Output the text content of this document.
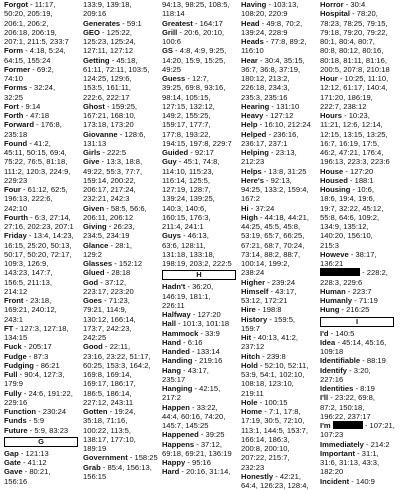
Forgot - 11:17,
50:20, 205:19,
206:1, 206:2,
206:18, 206:19,
207:1, 211:5, 233:7
Form - 4:18, 5:24,
64:15, 155:24
Former - 69:2,
74:10
Forms - 32:24,
32:25
Fort - 9:14
Forth - 47:18
Forward - 176:8,
235:18
Found - 41:2,
45:11, 50:15, 69:4,
75:22, 76:5, 81:18,
111:2, 120:3, 224:9,
229:23
Four - 61:12, 62:5,
196:13, 222:6,
242:10
Fourth - 6:3, 27:14,
27:16, 202:23, 207:1
Friday - 13:4, 14:23,
16:15, 25:20, 50:13,
50:17, 50:20, 72:17,
109:3, 126:9,
143:23, 147:7,
156:5, 211:13,
214:12
Front - 23:18,
169:21, 240:12,
243:1
FT - 127:3, 127:18,
134:15
Fuck - 205:17
Fudge - 87:3
Fudging - 86:21
Full - 90:4, 127:3,
179:9
Fully - 24:6, 191:22,
229:16
Function - 230:24
Funds - 5:9
Future - 5:9, 83:23
G
Gap - 121:13
Gate - 41:12
Gave - 80:21,
156:16
133:9, 139:18,
209:16
Generates - 59:1
GEO - 125:22,
125:23, 125:24,
127:11, 127:12
Getting - 45:18,
61:11, 72:11, 103:5,
124:25, 129:6,
153:5, 161:11,
222:6, 222:17
Ghost - 159:25,
167:21, 168:10,
173:18, 173:20
Giovanne - 128:6,
131:13
Girls - 222:5
Give - 13:3, 18:8,
49:22, 55:3, 77:7,
159:14, 200:22,
206:17, 217:24,
232:21, 242:3
Given - 58:5, 56:6,
206:11, 206:12
Giving - 26:23,
234:5, 234:19
Glance - 28:1,
129:2
Glasses - 152:12
Glued - 28:18
God - 37:12,
223:17, 223:20
Goes - 71:23,
79:21, 114:9,
130:12, 166:14,
173:7, 242:23,
242:25
Good - 22:11,
23:16, 23:22, 51:17,
60:25, 153:3, 164:2,
169:8, 169:14,
169:17, 186:17,
186:5, 186:14,
227:12, 243:11
Gotten - 19:24,
35:18, 71:16,
100:22, 113:5,
138:17, 177:10,
189:19
Government - 158:25
Grab - 85:4, 156:13,
156:15
94:13, 98:25, 108:5,
118:14
Greatest - 164:17
Grill - 20:6, 20:10,
100:6
GS - 4:8, 4:9, 9:25,
14:20, 15:9, 15:25,
49:25
Guess - 12:7,
39:25, 69:8, 93:16,
98:14, 105:15,
127:15, 132:12,
149:2, 155:25,
159:17, 177:7,
177:8, 193:22,
194:15, 197:8, 229:7
Guided - 92:17
Guy - 45:1, 74:8,
114:10, 115:23,
116:14, 125:5,
127:19, 128:7,
139:24, 139:25,
140:3, 140:6,
160:15, 176:3,
211:4, 241:1
Guys - 46:13,
63:6, 128:11,
131:18, 133:18,
198:19, 203:2, 222:5
H
Hadn't - 36:20,
146:19, 181:1,
226:11
Halfway - 127:20
Hall - 101:3, 101:18
Hammock - 33:9
Hand - 6:16
Handed - 133:14
Handing - 219:16
Hang - 43:17,
235:17
Hanging - 42:15,
217:2
Happen - 33:22,
44:4, 60:16, 74:20,
145:7, 145:25
Happened - 39:25
Happens - 37:12,
69:18, 69:21, 136:19
Happy - 95:16
Hard - 20:16, 31:14,
Having - 103:13,
108:20, 220:9
Head - 49:8, 70:2,
139:24, 228:9
Heads - 77:8, 89:2,
116:10
Hear - 30:4, 35:15,
36:7, 36:8, 37:19,
180:12, 213:2,
226:18, 234:3,
235:3, 235:16
Hearing - 131:10
Heavy - 127:12
Help - 16:10, 212:24
Helped - 236:16,
236:17, 237:1
Helping - 23:13,
212:23
Helps - 13:8, 31:25
Here's - 92:13,
94:25, 133:2, 159:4,
167:2
Hi - 37:24
High - 44:18, 44:21,
44:25, 45:5, 45:8,
53:19, 65:7, 66:25,
67:21, 68:7, 70:24,
73:14, 88:2, 88:7,
100:14, 199:2,
238:24
Higher - 239:24
Himself - 43:17,
53:12, 172:21
Hire - 198:8
History - 159:5,
159:7
Hit - 40:13, 41:2,
237:12
Hitch - 239:8
Hold - 52:10, 52:11,
53:9, 54:1, 102:10,
108:18, 123:10,
219:11
Hole - 100:15
Home - 7:1, 17:8,
17:19, 30:5, 72:10,
113:1, 144:5, 153:7,
166:14, 186:3,
200:8, 200:10,
207:22, 215:7,
232:23
Honestly - 42:21,
64:4, 126:23, 128:4,
Horror - 30:4
Hospital - 78:20,
78:23, 78:25, 79:15,
79:18, 79:20, 79:22,
80:1, 80:4, 80:7,
80:8, 80:12, 80:16,
80:18, 81:11, 81:16,
200:5, 207:8, 210:18
Hour - 10:25, 11:10,
12:12, 61:17, 140:4,
171:20, 186:19,
222:7, 238:12
Hours - 10:23,
11:21, 12:6, 12:14,
12:15, 13:15, 13:25,
16:7, 16:19, 17:5,
46:2, 47:21, 176:4,
196:13, 223:3, 223:6
House - 127:20
Housed - 188:1
Housing - 10:6,
18:6, 19:4, 19:6,
19:7, 32:22, 45:12,
55:8, 64:6, 109:2,
134:9, 135:12,
140:20, 156:10,
215:3
Howeve - 38:17,
136:21
- 228:2,
228:3, 229:6
Human - 223:7
Humanly - 71:19
Hung - 216:25
I
I'd - 140:5
Idea - 45:14, 45:16,
109:18
Identifiable - 88:19
Identify - 3:20,
227:16
Identities - 8:19
I'll - 23:22, 69:8,
87:2, 150:18,
196:22, 237:17
I'm	- 107:21,
107:23
Immediately - 214:2
Important - 31:1,
31:6, 31:13, 43:3,
182:20
Incident - 140:9
